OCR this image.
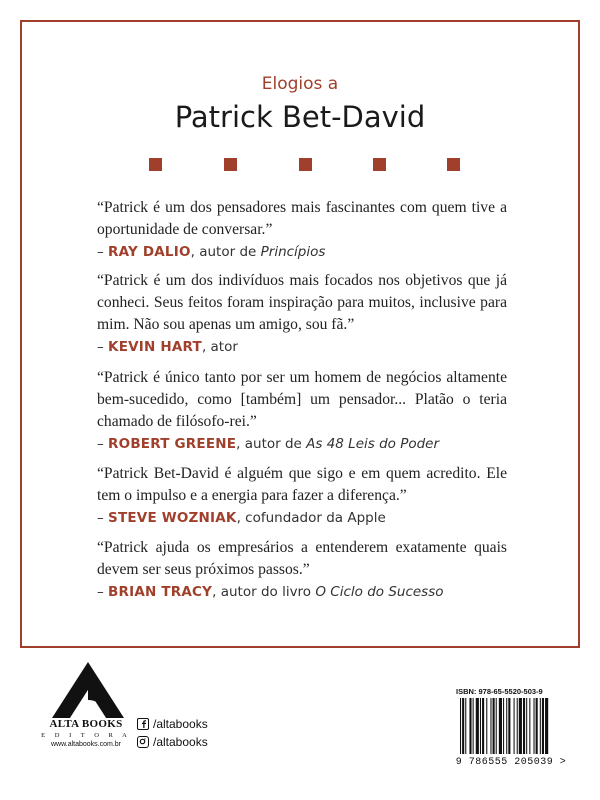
Elogios a
Patrick Bet-David

“Patrick é um dos pensadores mais fascinantes com quem tive a oportunidade de conversar.”

– RAY DALIO, autor de Princípios

“Patrick é um dos indivíduos mais focados nos objetivos que já conheci. Seus feitos foram inspiração para muitos, inclusive para mim. Não sou apenas um amigo, sou fã.”

– KEVIN HART, ator

“Patrick é único tanto por ser um homem de negócios altamente bem-sucedido, como [também] um pensador... Platão o teria chamado de filósofo-rei.”

– ROBERT GREENE, autor de As 48 Leis do Poder

“Patrick Bet-David é alguém que sigo e em quem acredito. Ele tem o impulso e a energia para fazer a diferença.”

– STEVE WOZNIAK, cofundador da Apple

“Patrick ajuda os empresários a entenderem exatamente quais devem ser seus próximos passos.”

– BRIAN TRACY, autor do livro O Ciclo do Sucesso
ALTA BOOKS
E D I T O R A
www.altabooks.com.br
/altabooks
/altabooks
ISBN: 978-65-5520-503-9
9 786555 205039 >
